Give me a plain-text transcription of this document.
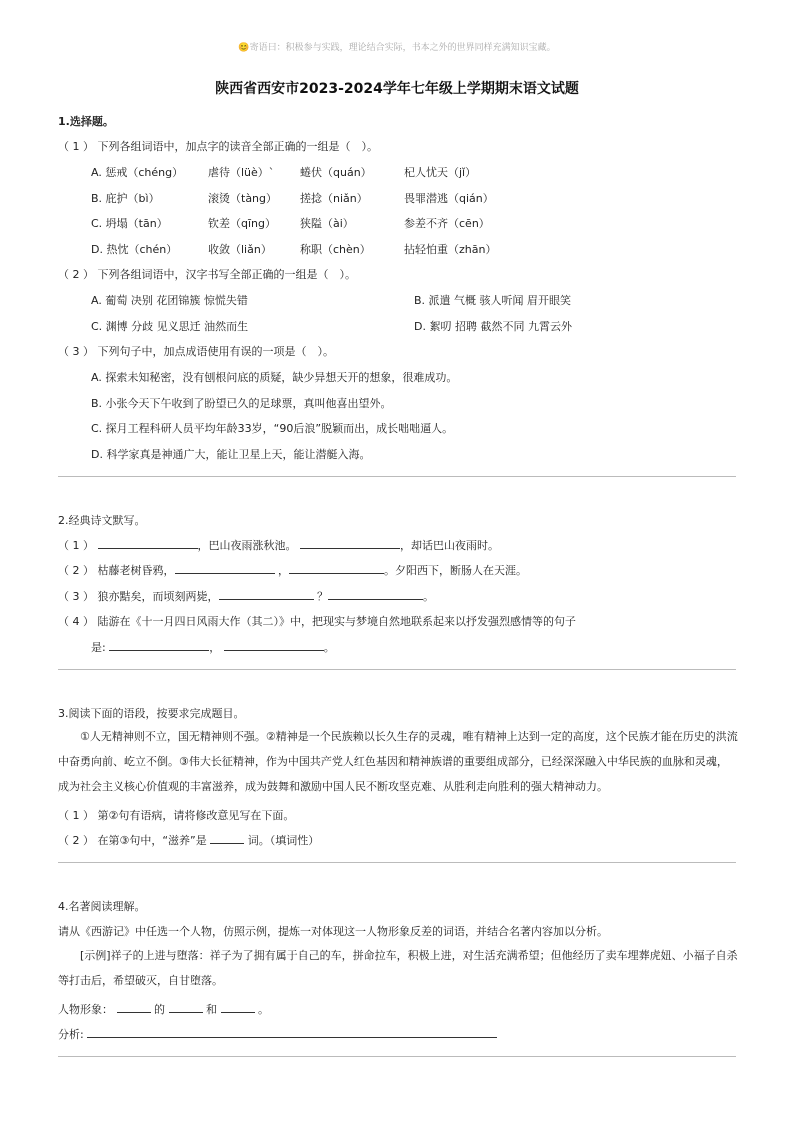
😊寄语曰：积极参与实践，理论结合实际，书本之外的世界同样充满知识宝藏。
陕西省西安市2023-2024学年七年级上学期期末语文试题
1.选择题。
（ 1 ） 下列各组词语中，加点字的读音全部正确的一组是（　）。
A. 惩戒（chéng） 虐待（lüè）` 蜷伏（quán）	杞人忧天（jǐ）
B. 庇护（bì）	滚烫（tàng） 搓捻（niǎn）	畏罪潜逃（qián）
C. 坍塌（tān）	钦差（qīng） 狭隘（ài）	参差不齐（cēn）
D. 热忱（chén）	收敛（liǎn）	称职（chèn）	拈轻怕重（zhān）
（ 2 ） 下列各组词语中，汉字书写全部正确的一组是（　）。
A. 葡萄 决别 花团锦簇 惊慌失错	B. 派遣 气概 骇人听闻 眉开眼笑
C. 渊博 分歧 见义思迁 油然而生	D. 絮叨 招聘 截然不同 九霄云外
（ 3 ） 下列句子中，加点成语使用有误的一项是（　）。
A. 探索未知秘密，没有刨根问底的质疑，缺少异想天开的想象，很难成功。
B. 小张今天下午收到了盼望已久的足球票，真叫他喜出望外。
C. 探月工程科研人员平均年龄33岁，“90后浪”脱颖而出，成长咄咄逼人。
D. 科学家真是神通广大，能让卫星上天，能让潜艇入海。
2.经典诗文默写。
（ 1 ）	，巴山夜雨涨秋池。	，却话巴山夜雨时。
（ 2 ） 枯藤老树昏鸦，	，	。夕阳西下，断肠人在天涯。
（ 3 ） 狼亦黠矣，而顷刻两毙，	？	。
（ 4 ） 陆游在《十一月四日风雨大作（其二）》中，把现实与梦境自然地联系起来以抒发强烈感情等的句子
是:	，	。
3.阅读下面的语段，按要求完成题目。
①人无精神则不立，国无精神则不强。②精神是一个民族赖以长久生存的灵魂，唯有精神上达到一定的高度，这个民族才能在历史的洪流中奋勇向前、屹立不倒。③伟大长征精神，作为中国共产党人红色基因和精神族谱的重要组成部分，已经深深融入中华民族的血脉和灵魂，成为社会主义核心价值观的丰富滋养，成为鼓舞和激励中国人民不断攻坚克难、从胜利走向胜利的强大精神动力。
（ 1 ） 第②句有语病，请将修改意见写在下面。
（ 2 ） 在第③句中，“滋养”是	词。（填词性）
4.名著阅读理解。
请从《西游记》中任选一个人物，仿照示例，提炼一对体现这一人物形象反差的词语，并结合名著内容加以分析。
[示例]祥子的上进与堕落：祥子为了拥有属于自己的车，拼命拉车，积极上进，对生活充满希望；但他经历了卖车埋葬虎妞、小福子自杀等打击后，希望破灭，自甘堕落。
人物形象：	的	和	。
分析:
